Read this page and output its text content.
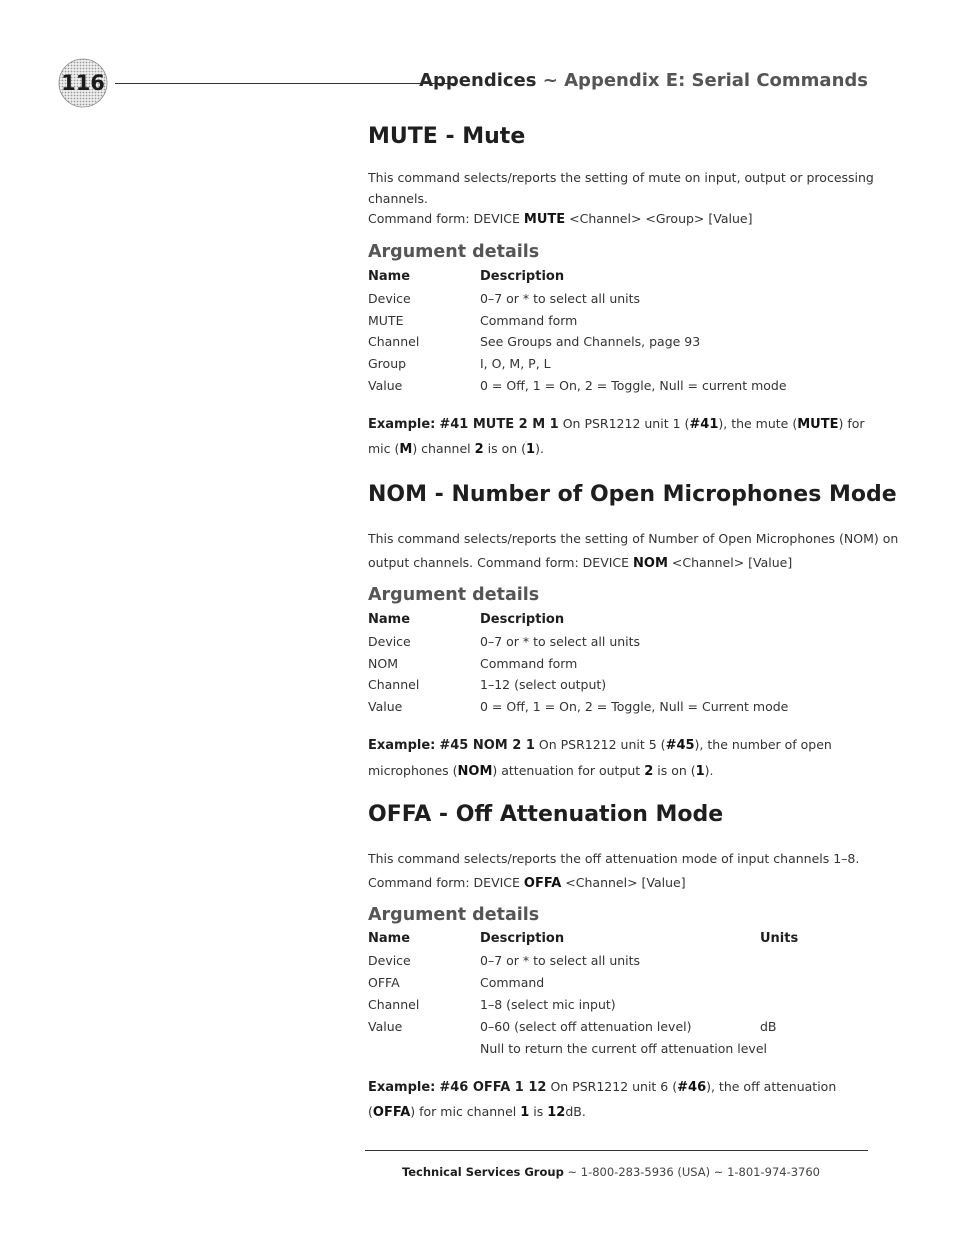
116	Appendices ~ Appendix E: Serial Commands
MUTE - Mute
This command selects/reports the setting of mute on input, output or processing
channels.
Command form: DEVICE MUTE <Channel> <Group> [Value]
Argument details
Name	Description
Device	0–7 or * to select all units
MUTE	Command form
Channel	See Groups and Channels, page 93
Group	I, O, M, P, L
Value	0 = Off, 1 = On, 2 = Toggle, Null = current mode
Example: #41 MUTE 2 M 1 On PSR1212 unit 1 (#41), the mute (MUTE) for
mic (M) channel 2 is on (1).
NOM - Number of Open Microphones Mode
This command selects/reports the setting of Number of Open Microphones (NOM) on
output channels. Command form: DEVICE NOM <Channel> [Value]
Argument details
Name	Description
Device	0–7 or * to select all units
NOM	Command form
Channel	1–12 (select output)
Value	0 = Off, 1 = On, 2 = Toggle, Null = Current mode
Example: #45 NOM 2 1 On PSR1212 unit 5 (#45), the number of open
microphones (NOM) attenuation for output 2 is on (1).
OFFA - Off Attenuation Mode
This command selects/reports the off attenuation mode of input channels 1–8.
Command form: DEVICE OFFA <Channel> [Value]
Argument details
Name	Description	Units
Device	0–7 or * to select all units
OFFA	Command
Channel	1–8 (select mic input)
Value	0–60 (select off attenuation level)	dB
Null to return the current off attenuation level
Example: #46 OFFA 1 12 On PSR1212 unit 6 (#46), the off attenuation
(OFFA) for mic channel 1 is 12dB.
Technical Services Group ~ 1-800-283-5936 (USA) ~ 1-801-974-3760
